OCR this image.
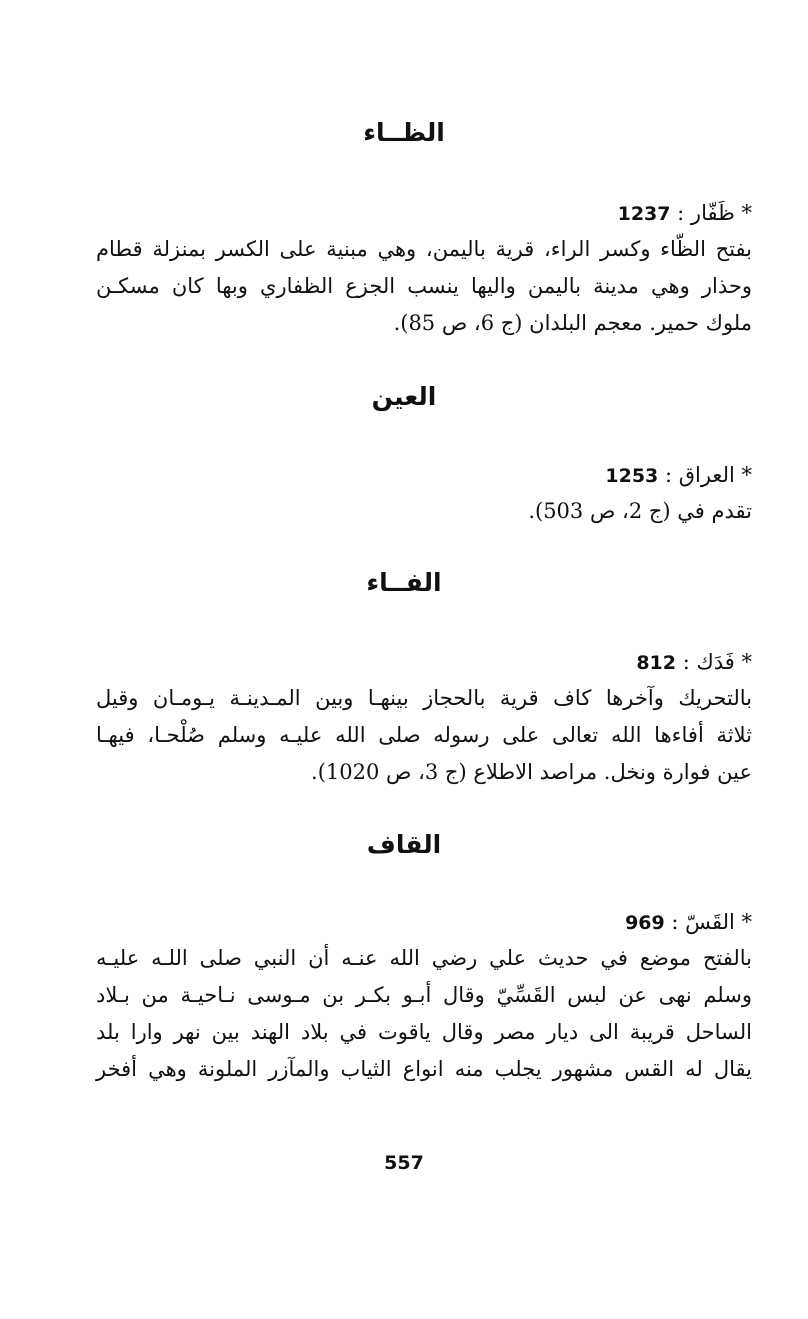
الظــاء
* ظَفّار : 1237
بفتح الظّاء وكسر الراء، قرية باليمن، وهي مبنية على الكسر بمنزلة قطام
وحذار وهي مدينة باليمن واليها ينسب الجزع الظفاري وبها كان مسكـن
ملوك حمير. معجم البلدان (ج 6، ص 85).
العين
* العراق : 1253
تقدم في (ج 2، ص 503).
الفــاء
* فَدَك : 812
بالتحريك وآخرها كاف قرية بالحجاز بينهـا وبين المـدينـة يـومـان وقيل
ثلاثة أفاءها الله تعالى على رسوله صلى الله عليـه وسلم صُلْحـا، فيهـا
عين فوارة ونخل. مراصد الاطلاع (ج 3، ص 1020).
القاف
* القَسّ : 969
بالفتح موضع في حديث علي رضي الله عنـه أن النبي صلى اللـه عليـه
وسلم نهى عن لبس القَسِّيّ وقال أبـو بكـر بن مـوسى نـاحيـة من بـلاد
الساحل قريبة الى ديار مصر وقال ياقوت في بلاد الهند بين نهر وارا بلد
يقال له القس مشهور يجلب منه انواع الثياب والمآزر الملونة وهي أفخر
557
